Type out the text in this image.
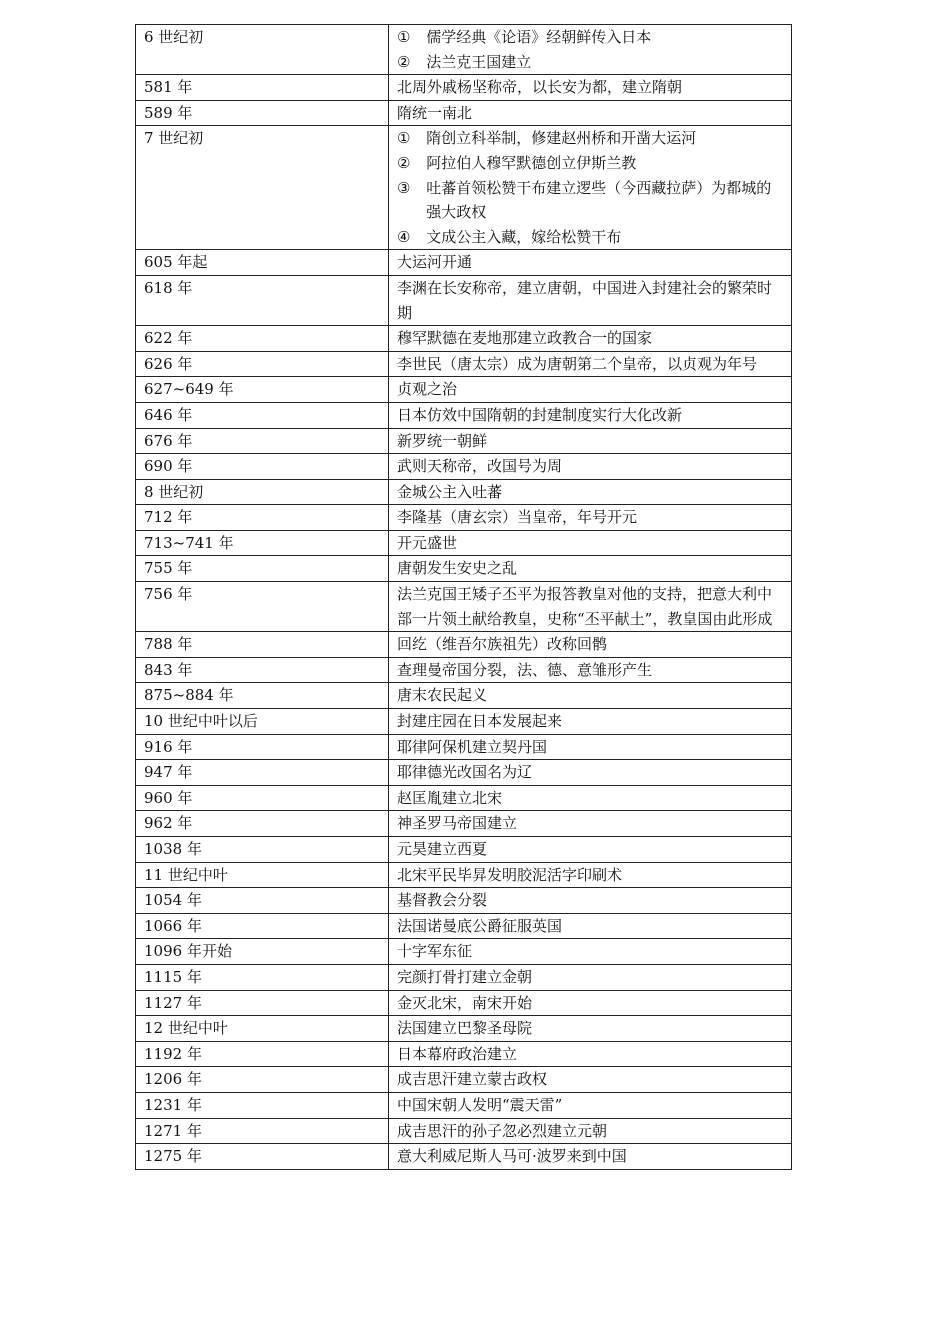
6 世纪初	① 儒学经典《论语》经朝鲜传入日本
② 法兰克王国建立

581 年	北周外戚杨坚称帝，以长安为都，建立隋朝

589 年	隋统一南北

7 世纪初	① 隋创立科举制，修建赵州桥和开凿大运河
② 阿拉伯人穆罕默德创立伊斯兰教
③ 吐蕃首领松赞干布建立逻些（今西藏拉萨）为都城的强大政权
④ 文成公主入藏，嫁给松赞干布

605 年起	大运河开通

618 年	李渊在长安称帝，建立唐朝，中国进入封建社会的繁荣时期

622 年	穆罕默德在麦地那建立政教合一的国家

626 年	李世民（唐太宗）成为唐朝第二个皇帝，以贞观为年号

627~649 年	贞观之治

646 年	日本仿效中国隋朝的封建制度实行大化改新

676 年	新罗统一朝鲜

690 年	武则天称帝，改国号为周

8 世纪初	金城公主入吐蕃

712 年	李隆基（唐玄宗）当皇帝，年号开元

713~741 年	开元盛世

755 年	唐朝发生安史之乱

756 年	法兰克国王矮子丕平为报答教皇对他的支持，把意大利中部一片领土献给教皇，史称“丕平献土”，教皇国由此形成

788 年	回纥（维吾尔族祖先）改称回鹘

843 年	查理曼帝国分裂，法、德、意雏形产生

875~884 年	唐末农民起义

10 世纪中叶以后	封建庄园在日本发展起来

916 年	耶律阿保机建立契丹国

947 年	耶律德光改国名为辽

960 年	赵匡胤建立北宋

962 年	神圣罗马帝国建立

1038 年	元昊建立西夏

11 世纪中叶	北宋平民毕昇发明胶泥活字印刷术

1054 年	基督教会分裂

1066 年	法国诺曼底公爵征服英国

1096 年开始	十字军东征

1115 年	完颜打骨打建立金朝

1127 年	金灭北宋，南宋开始

12 世纪中叶	法国建立巴黎圣母院

1192 年	日本幕府政治建立

1206 年	成吉思汗建立蒙古政权

1231 年	中国宋朝人发明“震天雷”

1271 年	成吉思汗的孙子忽必烈建立元朝

1275 年	意大利威尼斯人马可·波罗来到中国
